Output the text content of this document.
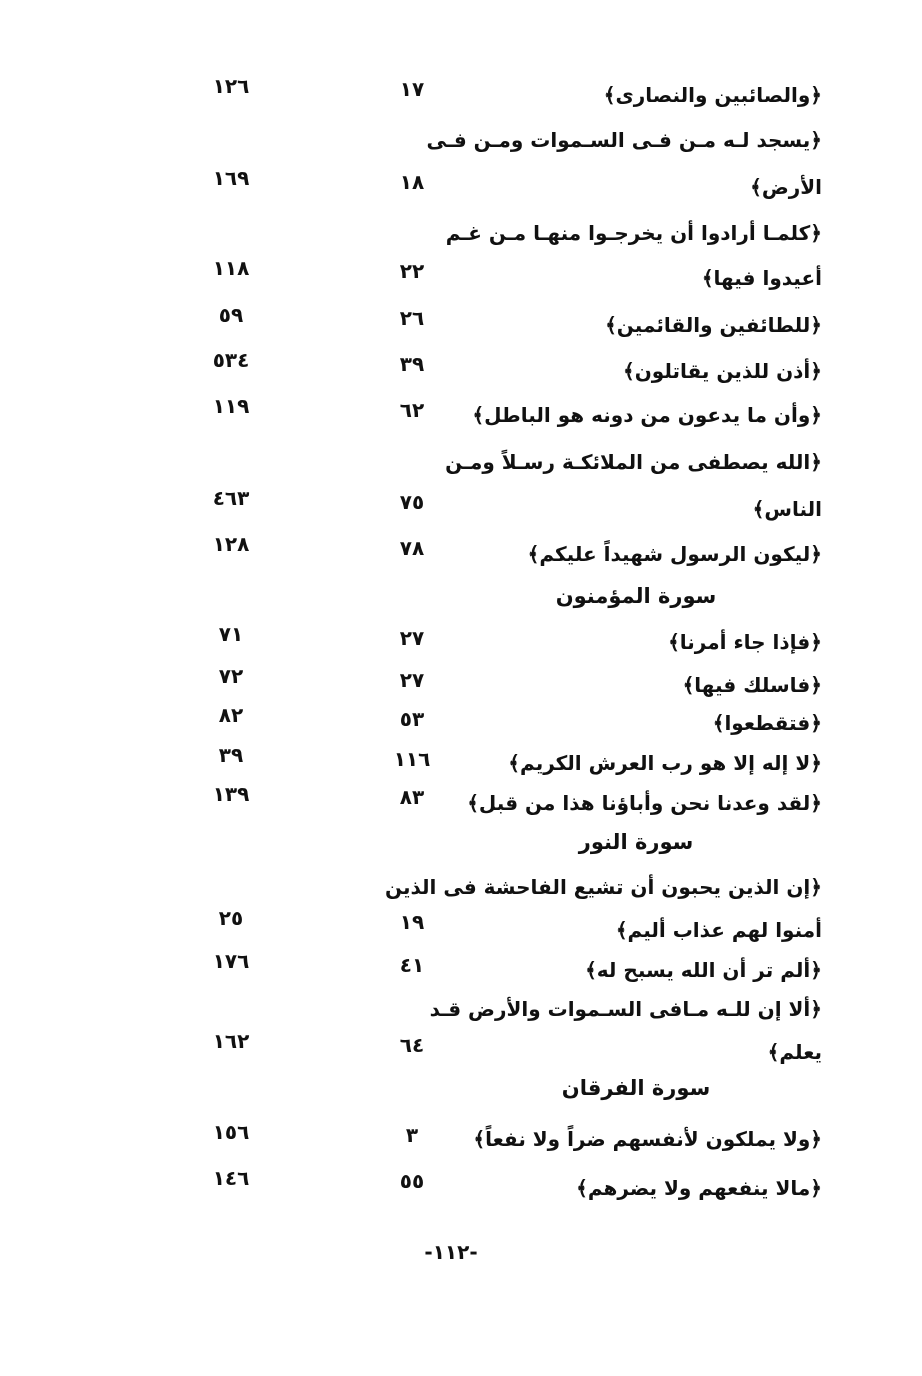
﴿والصائبين والنصارى﴾
١٧
١٢٦
﴿يسجد لـه مـن فـى السـموات ومـن فـى
الأرض﴾
١٨
١٦٩
﴿كلمـا أرادوا أن يخرجـوا منهـا مـن غـم
أعيدوا فيها﴾
٢٢
١١٨
﴿للطائفين والقائمين﴾
٢٦
٥٩
﴿أذن للذين يقاتلون﴾
٣٩
٥٣٤
﴿وأن ما يدعون من دونه هو الباطل﴾
٦٢
١١٩
﴿الله يصطفى من الملائكـة رسـلاً ومـن
الناس﴾
٧٥
٤٦٣
﴿ليكون الرسول شهيداً عليكم﴾
٧٨
١٢٨
سورة المؤمنون
﴿فإذا جاء أمرنا﴾
٢٧
٧١
﴿فاسلك فيها﴾
٢٧
٧٢
﴿فتقطعوا﴾
٥٣
٨٢
﴿لا إله إلا هو رب العرش الكريم﴾
١١٦
٣٩
﴿لقد وعدنا نحن وأباؤنا هذا من قبل﴾
٨٣
١٣٩
سورة النور
﴿إن الذين يحبون أن تشيع الفاحشة فى الذين
أمنوا لهم عذاب أليم﴾
١٩
٢٥
﴿ألم تر أن الله يسبح له﴾
٤١
١٧٦
﴿ألا إن للـه مـافى السـموات والأرض قـد
يعلم﴾
٦٤
١٦٢
سورة الفرقان
﴿ولا يملكون لأنفسهم ضراً ولا نفعاً﴾
٣
١٥٦
﴿مالا ينفعهم ولا يضرهم﴾
٥٥
١٤٦
-١١٢-
